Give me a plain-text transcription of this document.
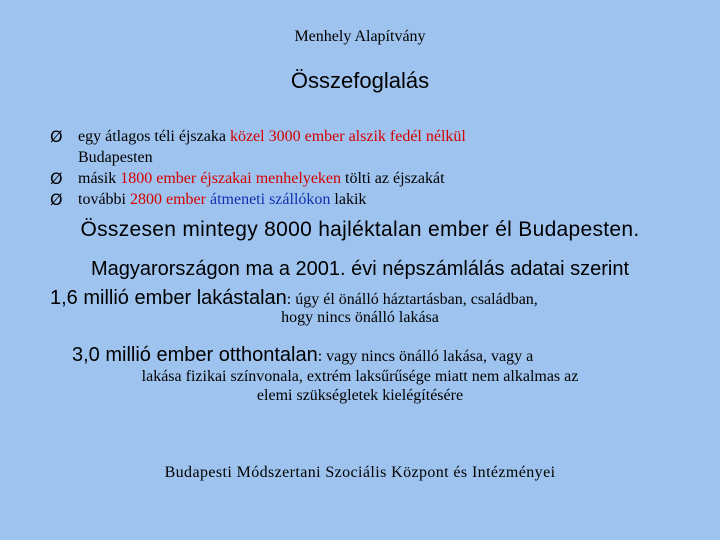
Menhely Alapítvány
Összefoglalás
Ø egy átlagos téli éjszaka közel 3000 ember alszik fedél nélkül
Budapesten
Ø másik 1800 ember éjszakai menhelyeken tölti az éjszakát
Ø további 2800 ember átmeneti szállókon lakik
Összesen mintegy 8000 hajléktalan ember él Budapesten.
Magyarországon ma a 2001. évi népszámlálás adatai szerint
1,6 millió ember lakástalan: úgy él önálló háztartásban, családban,
hogy nincs önálló lakása
3,0 millió ember otthontalan: vagy nincs önálló lakása, vagy a
lakása fizikai színvonala, extrém laksűrűsége miatt nem alkalmas az
elemi szükségletek kielégítésére
Budapesti Módszertani Szociális Központ és Intézményei
